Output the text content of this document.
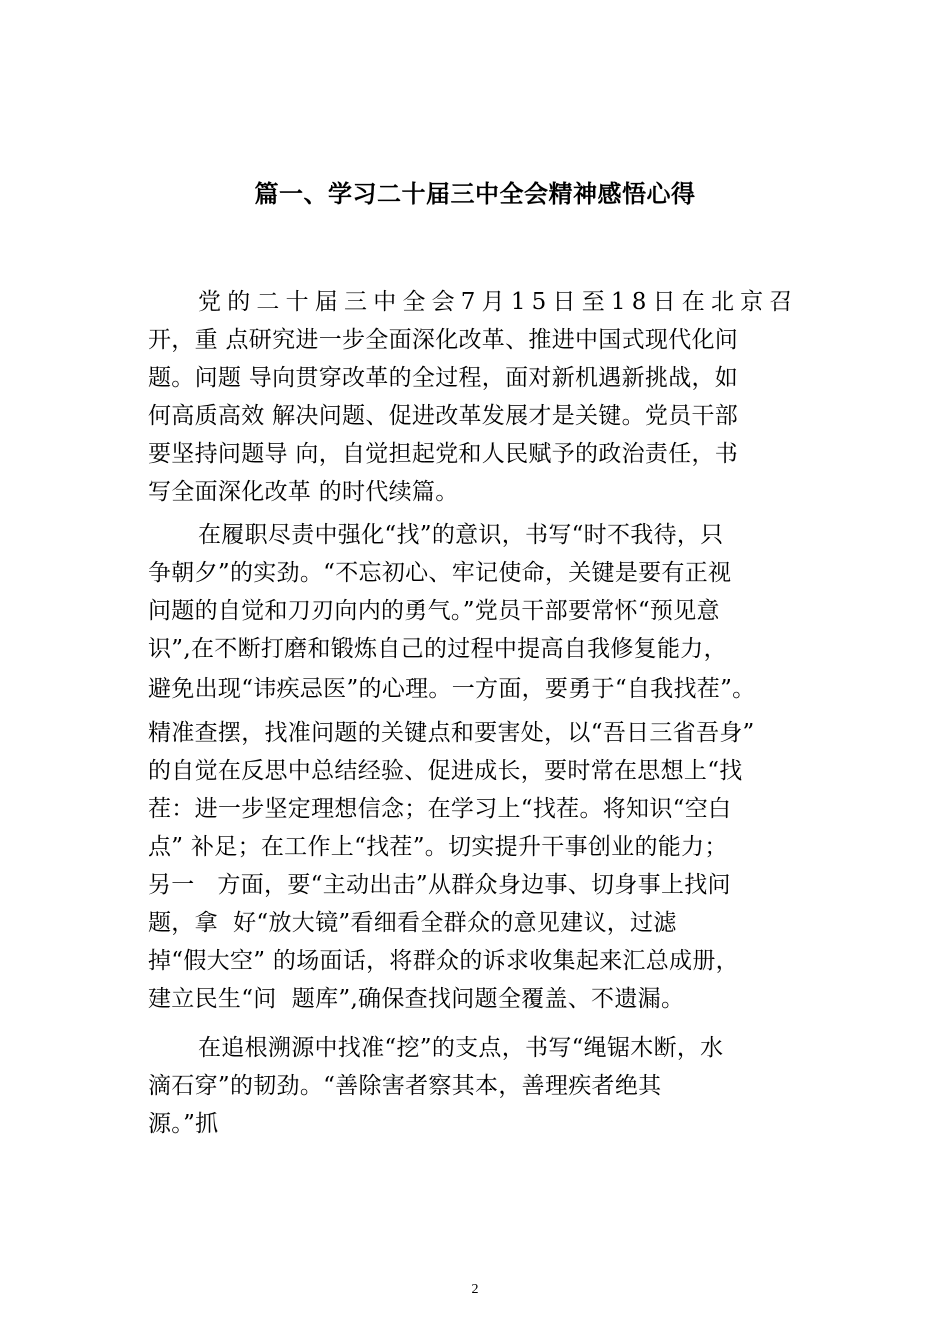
篇一、学习二十届三中全会精神感悟心得
党的二十届三中全会7月15日至18日在北京召
开，重 点研究进一步全面深化改革、推进中国式现代化问
题。问题 导向贯穿改革的全过程，面对新机遇新挑战，如
何高质高效 解决问题、促进改革发展才是关键。党员干部
要坚持问题导 向，自觉担起党和人民赋予的政治责任，书
写全面深化改革 的时代续篇。
在履职尽责中强化“找”的意识，书写“时不我待，只
争朝夕”的实劲。“不忘初心、牢记使命，关键是要有正视
问题的自觉和刀刃向内的勇气。”党员干部要常怀“预见意
识”,在不断打磨和锻炼自己的过程中提高自我修复能力，
避免出现“讳疾忌医”的心理。一方面，要勇于“自我找茬”。
精准查摆，找准问题的关键点和要害处，以“吾日三省吾身”
的自觉在反思中总结经验、促进成长，要时常在思想上“找
茬：进一步坚定理想信念；在学习上“找茬。将知识“空白
点” 补足；在工作上“找茬”。切实提升干事创业的能力；
另一   方面，要“主动出击”从群众身边事、切身事上找问
题，拿  好“放大镜”看细看全群众的意见建议，过滤
掉“假大空” 的场面话，将群众的诉求收集起来汇总成册，
建立民生“问  题库”,确保查找问题全覆盖、不遗漏。
在追根溯源中找准“挖”的支点，书写“绳锯木断，水
滴石穿”的韧劲。“善除害者察其本，善理疾者绝其
源。”抓
2
